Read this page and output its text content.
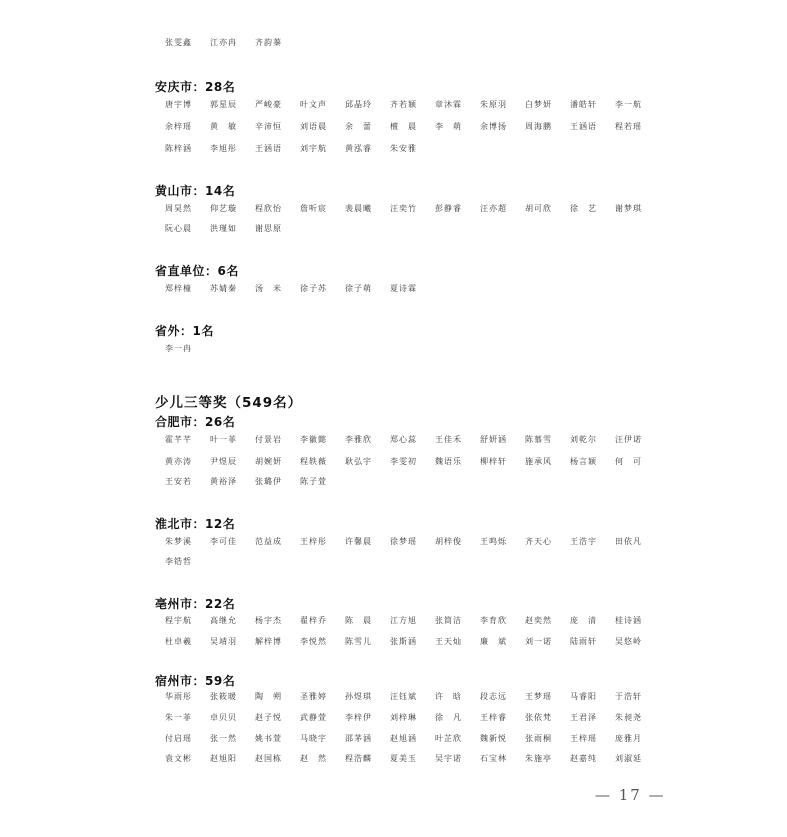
张雯鑫 江亦冉 齐韵蓁
安庆市：28名
唐宇博 郭星辰 严峻豪 叶文声 邱晶玲 齐若颖 章沐霖 朱原羽 白梦妍 潘皓轩 李一航
余梓瑶 黄　敏 辛沛恒 刘语晨 余　蕾 檀　晨 李　萌 余博扬 周海鹏 王涵语 程若瑶
陈梓涵 李旭彤 王涵语 刘宇航 黄泓睿 朱安雅
黄山市：14名
周昊然 仰艺璇 程欣怡 詹听宸 裴晨曦 汪奕竹 彭静睿 汪亦超 胡可欣 徐　艺 谢梦琪
阮心晨 洪瑾如 谢思原
省直单位：6名
郑梓橦 苏婧秦 汤　米 徐子苏 徐子萌 夏诗霖
省外：1名
李一冉
少儿三等奖（549名）
合肥市：26名
霍芊芊 叶一菲 付景岩 李徽懿 李雅欣 郑心蕊 王佳禾 舒妍涵 陈慕雪 刘乾尔 汪伊诺
黄亦涛 尹煜辰 胡婉妍 程轶薇 耿弘宇 李雯初 魏语乐 柳梓轩 施承风 杨言颖 何　可
王安若 黄裕泽 张璐伊 陈子萱
淮北市：12名
朱梦溪 李可佳 范益成 王梓彤 许馨晨 徐梦瑶 胡梓俊 王鸣烁 齐天心 王浩宇 田依凡
李锆哲
亳州市：22名
程宇航 高继允 杨宇杰 翟梓乔 陈　晨 江方旭 张简洁 李育欣 赵奕然 庞　清 桂诗涵
杜卓羲 吴靖羽 解梓博 李悦然 陈雪儿 张斯涵 王天灿 廉　斌 刘一诺 陆雨轩 吴悠岭
宿州市：59名
华雨彤 张筱暖 陶　朔 圣雅婷 孙煜琪 汪钰斌 许　晗 段志远 王梦瑶 马睿阳 于浩轩
朱一菲 卓贝贝 赵子悦 武静萱 李梓伊 刘梓琳 徐　凡 王梓睿 张依梵 王君泽 朱昶尧
付启瑶 张一然 姚书萱 马晓宇 邵茅涵 赵旭涵 叶芷欣 魏新悦 张雨桐 王梓瑶 庞雅月
袁文彬 赵旭阳 赵国栋 赵　然 程浩麟 夏美玉 吴宇诺 石宝林 朱施亭 赵嘉纯 刘淑延
— 17 —
